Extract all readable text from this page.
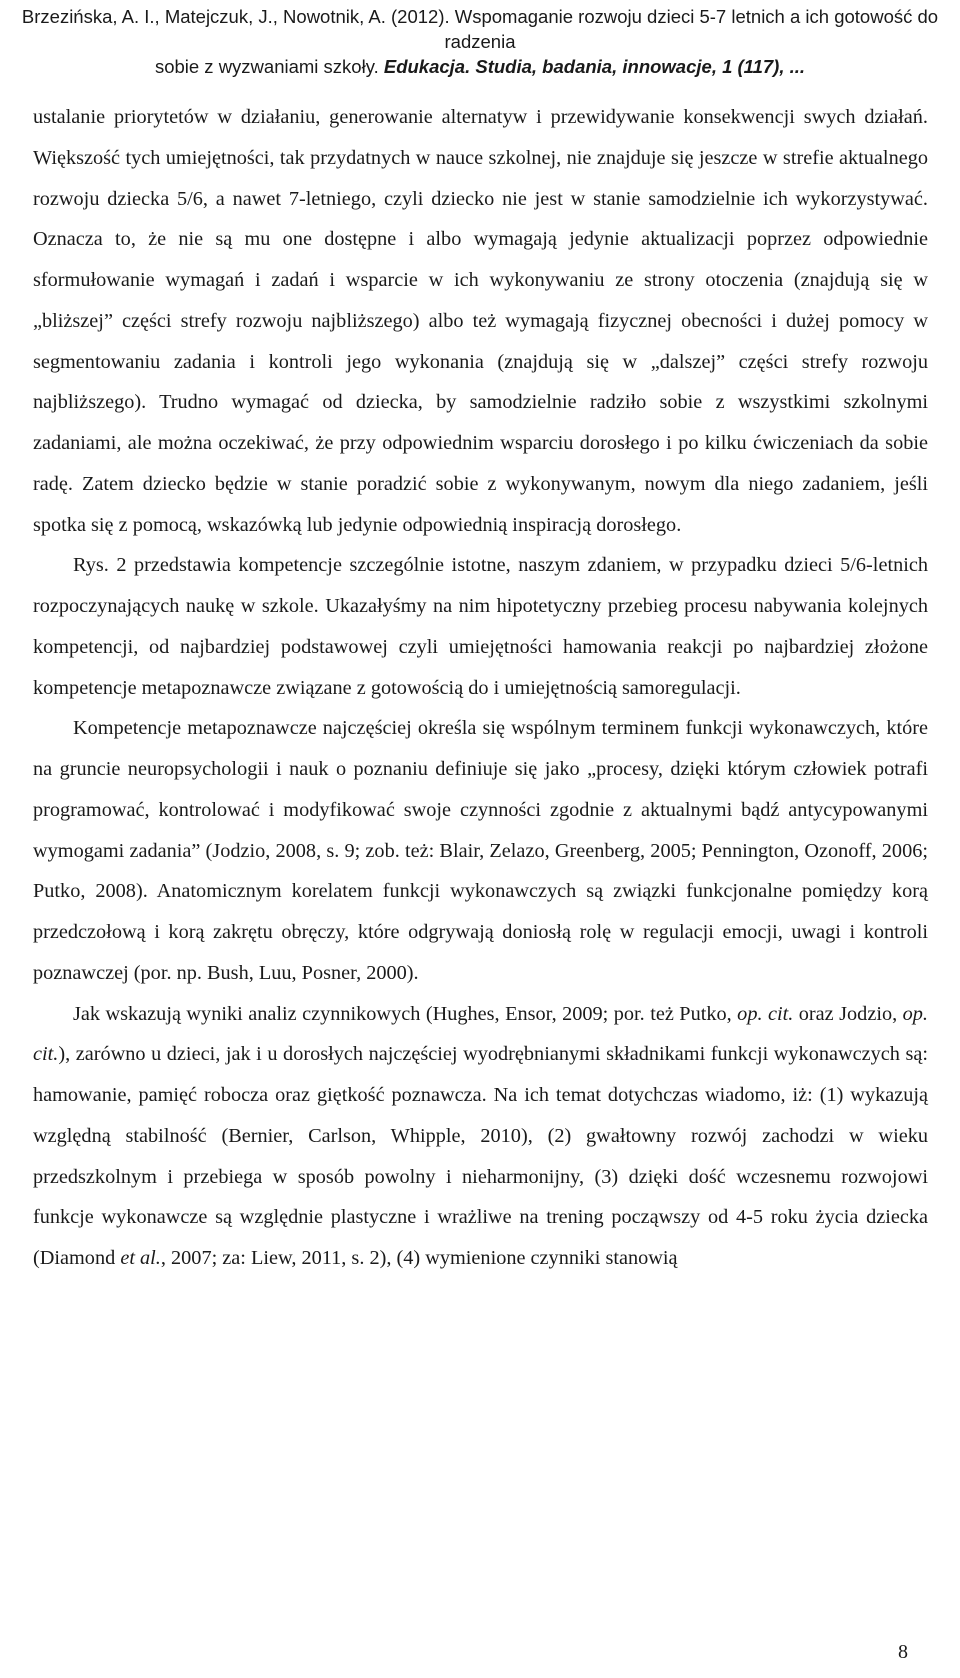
Brzezińska, A. I., Matejczuk, J., Nowotnik, A. (2012). Wspomaganie rozwoju dzieci 5-7 letnich a ich gotowość do radzenia
sobie z wyzwaniami szkoły. Edukacja. Studia, badania, innowacje, 1 (117), ...

ustalanie priorytetów w działaniu, generowanie alternatyw i przewidywanie konsekwencji swych działań. Większość tych umiejętności, tak przydatnych w nauce szkolnej, nie znajduje się jeszcze w strefie aktualnego rozwoju dziecka 5/6, a nawet 7-letniego, czyli dziecko nie jest w stanie samodzielnie ich wykorzystywać. Oznacza to, że nie są mu one dostępne i albo wymagają jedynie aktualizacji poprzez odpowiednie sformułowanie wymagań i zadań i wsparcie w ich wykonywaniu ze strony otoczenia (znajdują się w „bliższej” części strefy rozwoju najbliższego) albo też wymagają fizycznej obecności i dużej pomocy w segmentowaniu zadania i kontroli jego wykonania (znajdują się w „dalszej” części strefy rozwoju najbliższego). Trudno wymagać od dziecka, by samodzielnie radziło sobie z wszystkimi szkolnymi zadaniami, ale można oczekiwać, że przy odpowiednim wsparciu dorosłego i po kilku ćwiczeniach da sobie radę. Zatem dziecko będzie w stanie poradzić sobie z wykonywanym, nowym dla niego zadaniem, jeśli spotka się z pomocą, wskazówką lub jedynie odpowiednią inspiracją dorosłego.

Rys. 2 przedstawia kompetencje szczególnie istotne, naszym zdaniem, w przypadku dzieci 5/6-letnich rozpoczynających naukę w szkole. Ukazałyśmy na nim hipotetyczny przebieg procesu nabywania kolejnych kompetencji, od najbardziej podstawowej czyli umiejętności hamowania reakcji po najbardziej złożone kompetencje metapoznawcze związane z gotowością do i umiejętnością samoregulacji.

Kompetencje metapoznawcze najczęściej określa się wspólnym terminem funkcji wykonawczych, które na gruncie neuropsychologii i nauk o poznaniu definiuje się jako „procesy, dzięki którym człowiek potrafi programować, kontrolować i modyfikować swoje czynności zgodnie z aktualnymi bądź antycypowanymi wymogami zadania” (Jodzio, 2008, s. 9; zob. też: Blair, Zelazo, Greenberg, 2005; Pennington, Ozonoff, 2006; Putko, 2008). Anatomicznym korelatem funkcji wykonawczych są związki funkcjonalne pomiędzy korą przedczołową i korą zakrętu obręczy, które odgrywają doniosłą rolę w regulacji emocji, uwagi i kontroli poznawczej (por. np. Bush, Luu, Posner, 2000).

Jak wskazują wyniki analiz czynnikowych (Hughes, Ensor, 2009; por. też Putko, op. cit. oraz Jodzio, op. cit.), zarówno u dzieci, jak i u dorosłych najczęściej wyodrębnianymi składnikami funkcji wykonawczych są: hamowanie, pamięć robocza oraz giętkość poznawcza. Na ich temat dotychczas wiadomo, iż: (1) wykazują względną stabilność (Bernier, Carlson, Whipple, 2010), (2) gwałtowny rozwój zachodzi w wieku przedszkolnym i przebiega w sposób powolny i nieharmonijny, (3) dzięki dość wczesnemu rozwojowi funkcje wykonawcze są względnie plastyczne i wrażliwe na trening począwszy od 4-5 roku życia dziecka (Diamond et al., 2007; za: Liew, 2011, s. 2), (4) wymienione czynniki stanowią

8
